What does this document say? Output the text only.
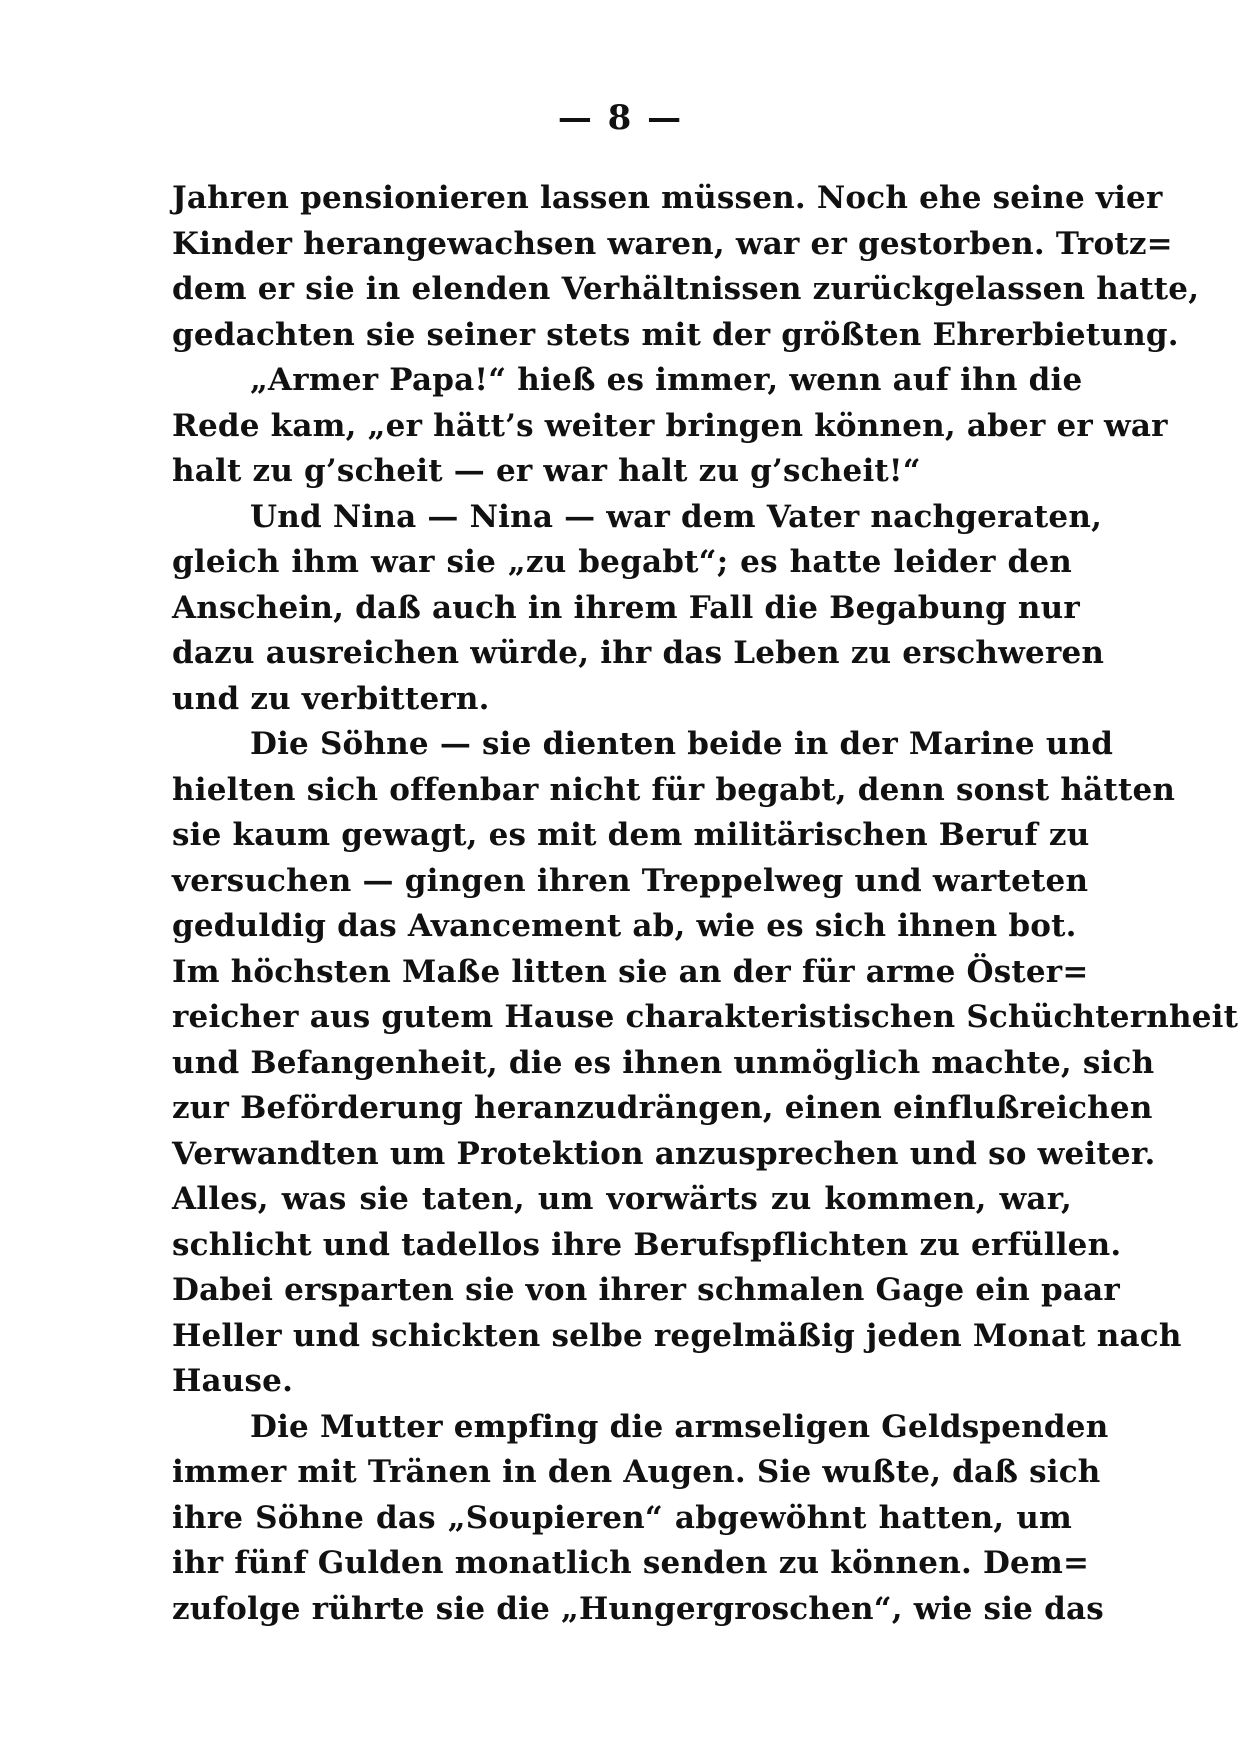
— 8 —
Jahren pensionieren lassen müssen. Noch ehe seine vier
Kinder herangewachsen waren, war er gestorben. Trotz=
dem er sie in elenden Verhältnissen zurückgelassen hatte,
gedachten sie seiner stets mit der größten Ehrerbietung.
„Armer Papa!“ hieß es immer, wenn auf ihn die
Rede kam, „er hätt’s weiter bringen können, aber er war
halt zu g’scheit — er war halt zu g’scheit!“
Und Nina — Nina — war dem Vater nachgeraten,
gleich ihm war sie „zu begabt“; es hatte leider den
Anschein, daß auch in ihrem Fall die Begabung nur
dazu ausreichen würde, ihr das Leben zu erschweren
und zu verbittern.
Die Söhne — sie dienten beide in der Marine und
hielten sich offenbar nicht für begabt, denn sonst hätten
sie kaum gewagt, es mit dem militärischen Beruf zu
versuchen — gingen ihren Treppelweg und warteten
geduldig das Avancement ab, wie es sich ihnen bot.
Im höchsten Maße litten sie an der für arme Öster=
reicher aus gutem Hause charakteristischen Schüchternheit
und Befangenheit, die es ihnen unmöglich machte, sich
zur Beförderung heranzudrängen, einen einflußreichen
Verwandten um Protektion anzusprechen und so weiter.
Alles, was sie taten, um vorwärts zu kommen, war,
schlicht und tadellos ihre Berufspflichten zu erfüllen.
Dabei ersparten sie von ihrer schmalen Gage ein paar
Heller und schickten selbe regelmäßig jeden Monat nach
Hause.
Die Mutter empfing die armseligen Geldspenden
immer mit Tränen in den Augen. Sie wußte, daß sich
ihre Söhne das „Soupieren“ abgewöhnt hatten, um
ihr fünf Gulden monatlich senden zu können. Dem=
zufolge rührte sie die „Hungergroschen“, wie sie das
